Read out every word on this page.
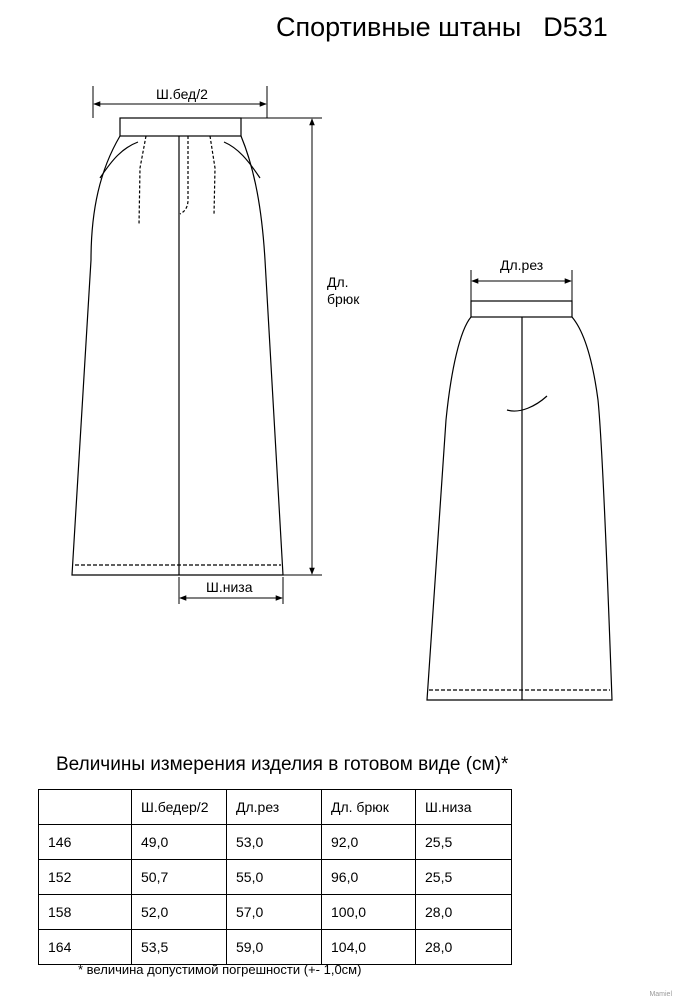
Спортивные штаны D531
Ш.бед/2
Дл.
брюк
Ш.низа
Дл.рез
Величины измерения изделия в готовом виде (см)*
	Ш.бедер/2	Дл.рез	Дл. брюк	Ш.низа
146	49,0	53,0	92,0	25,5
152	50,7	55,0	96,0	25,5
158	52,0	57,0	100,0	28,0
164	53,5	59,0	104,0	28,0
* величина допустимой погрешности (+- 1,0см)
Mamiel
